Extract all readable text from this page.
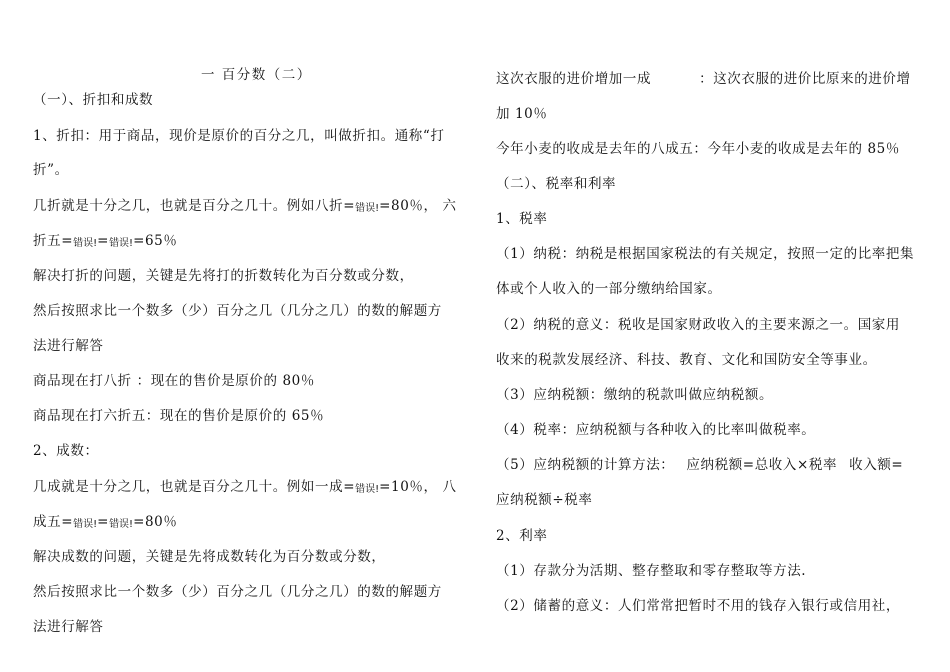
一 百分数（二）
（一）、折扣和成数
1、折扣：用于商品，现价是原价的百分之几，叫做折扣。通称“打
折”。
几折就是十分之几，也就是百分之几十。例如八折=错误!=80％， 六
折五=错误!=错误!=65％
解决打折的问题，关键是先将打的折数转化为百分数或分数，
然后按照求比一个数多（少）百分之几（几分之几）的数的解题方
法进行解答
商品现在打八折 ：现在的售价是原价的 80％
商品现在打六折五：现在的售价是原价的 65％
2、成数：
几成就是十分之几，也就是百分之几十。例如一成=错误!=10％， 八
成五=错误!=错误!=80％
解决成数的问题，关键是先将成数转化为百分数或分数，
然后按照求比一个数多（少）百分之几（几分之几）的数的解题方
法进行解答
这次衣服的进价增加一成	：这次衣服的进价比原来的进价增
加 10％
今年小麦的收成是去年的八成五：今年小麦的收成是去年的 85％
（二）、税率和利率
1、税率
（1）纳税：纳税是根据国家税法的有关规定，按照一定的比率把集
体或个人收入的一部分缴纳给国家。
（2）纳税的意义：税收是国家财政收入的主要来源之一。国家用
收来的税款发展经济、科技、教育、文化和国防安全等事业。
（3）应纳税额：缴纳的税款叫做应纳税额。
（4）税率：应纳税额与各种收入的比率叫做税率。
（5）应纳税额的计算方法： 应纳税额=总收入×税率 收入额=
应纳税额÷税率
2、利率
（1）存款分为活期、整存整取和零存整取等方法.
（2）储蓄的意义：人们常常把暂时不用的钱存入银行或信用社，
